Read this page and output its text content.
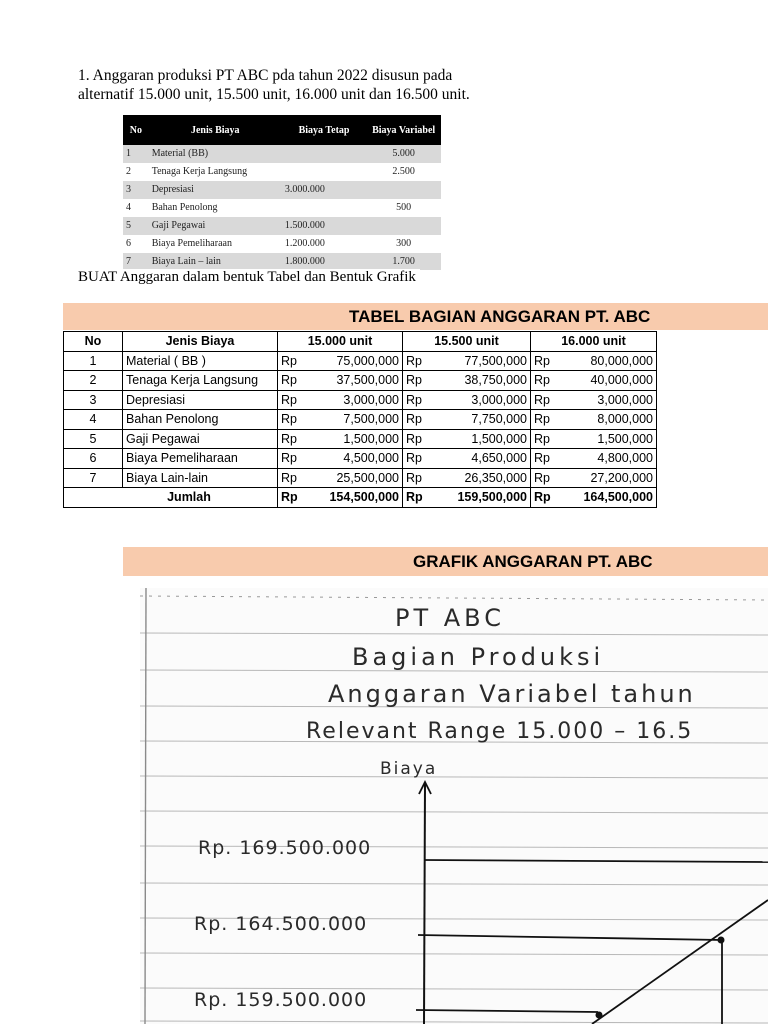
1. Anggaran produksi PT ABC pda tahun 2022 disusun pada

alternatif 15.000 unit, 15.500 unit, 16.000 unit dan 16.500 unit.

No	Jenis Biaya	Biaya Tetap	Biaya Variabel
1	Material (BB)		5.000
2	Tenaga Kerja Langsung		2.500
3	Depresiasi	3.000.000	
4	Bahan Penolong		500
5	Gaji Pegawai	1.500.000	
6	Biaya Pemeliharaan	1.200.000	300
7	Biaya Lain – lain	1.800.000	1.700
BUAT Anggaran dalam bentuk Tabel dan Bentuk Grafik
TABEL BAGIAN ANGGARAN PT. ABC
No	Jenis Biaya	15.000 unit		15.500 unit		16.000 unit	
1	Material ( BB )	Rp	75,000,000	Rp	77,500,000	Rp	80,000,000
2	Tenaga Kerja Langsung	Rp	37,500,000	Rp	38,750,000	Rp	40,000,000
3	Depresiasi	Rp	3,000,000	Rp	3,000,000	Rp	3,000,000
4	Bahan Penolong	Rp	7,500,000	Rp	7,750,000	Rp	8,000,000
5	Gaji Pegawai	Rp	1,500,000	Rp	1,500,000	Rp	1,500,000
6	Biaya Pemeliharaan	Rp	4,500,000	Rp	4,650,000	Rp	4,800,000
7	Biaya Lain-lain	Rp	25,500,000	Rp	26,350,000	Rp	27,200,000
Jumlah		Rp	154,500,000	Rp	159,500,000	Rp	164,500,000
GRAFIK ANGGARAN PT. ABC
PT ABC
Bagian Produksi
Anggaran Variabel tahun
Relevant Range 15.000 – 16.5
Biaya
Rp. 169.500.000
Rp. 164.500.000
Rp. 159.500.000
